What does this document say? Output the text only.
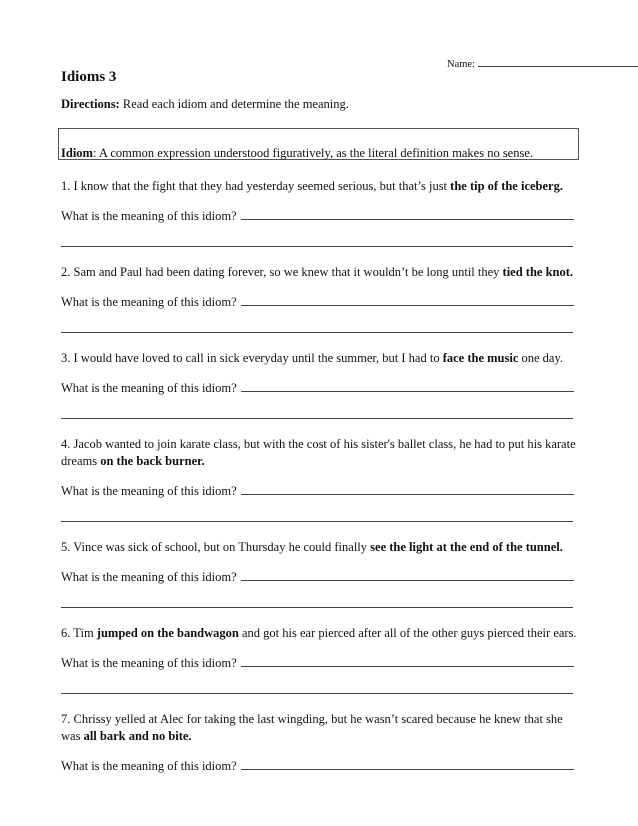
Name:
Idioms 3
Directions: Read each idiom and determine the meaning.
Idiom: A common expression understood figuratively, as the literal definition makes no sense.
1. I know that the fight that they had yesterday seemed serious, but that’s just the tip of the iceberg.
What is the meaning of this idiom?
2. Sam and Paul had been dating forever, so we knew that it wouldn’t be long until they tied the knot.
What is the meaning of this idiom?
3. I would have loved to call in sick everyday until the summer, but I had to face the music one day.
What is the meaning of this idiom?
4. Jacob wanted to join karate class, but with the cost of his sister's ballet class, he had to put his karate dreams on the back burner.
What is the meaning of this idiom?
5. Vince was sick of school, but on Thursday he could finally see the light at the end of the tunnel.
What is the meaning of this idiom?
6. Tim jumped on the bandwagon and got his ear pierced after all of the other guys pierced their ears.
What is the meaning of this idiom?
7. Chrissy yelled at Alec for taking the last wingding, but he wasn’t scared because he knew that she was all bark and no bite.
What is the meaning of this idiom?
